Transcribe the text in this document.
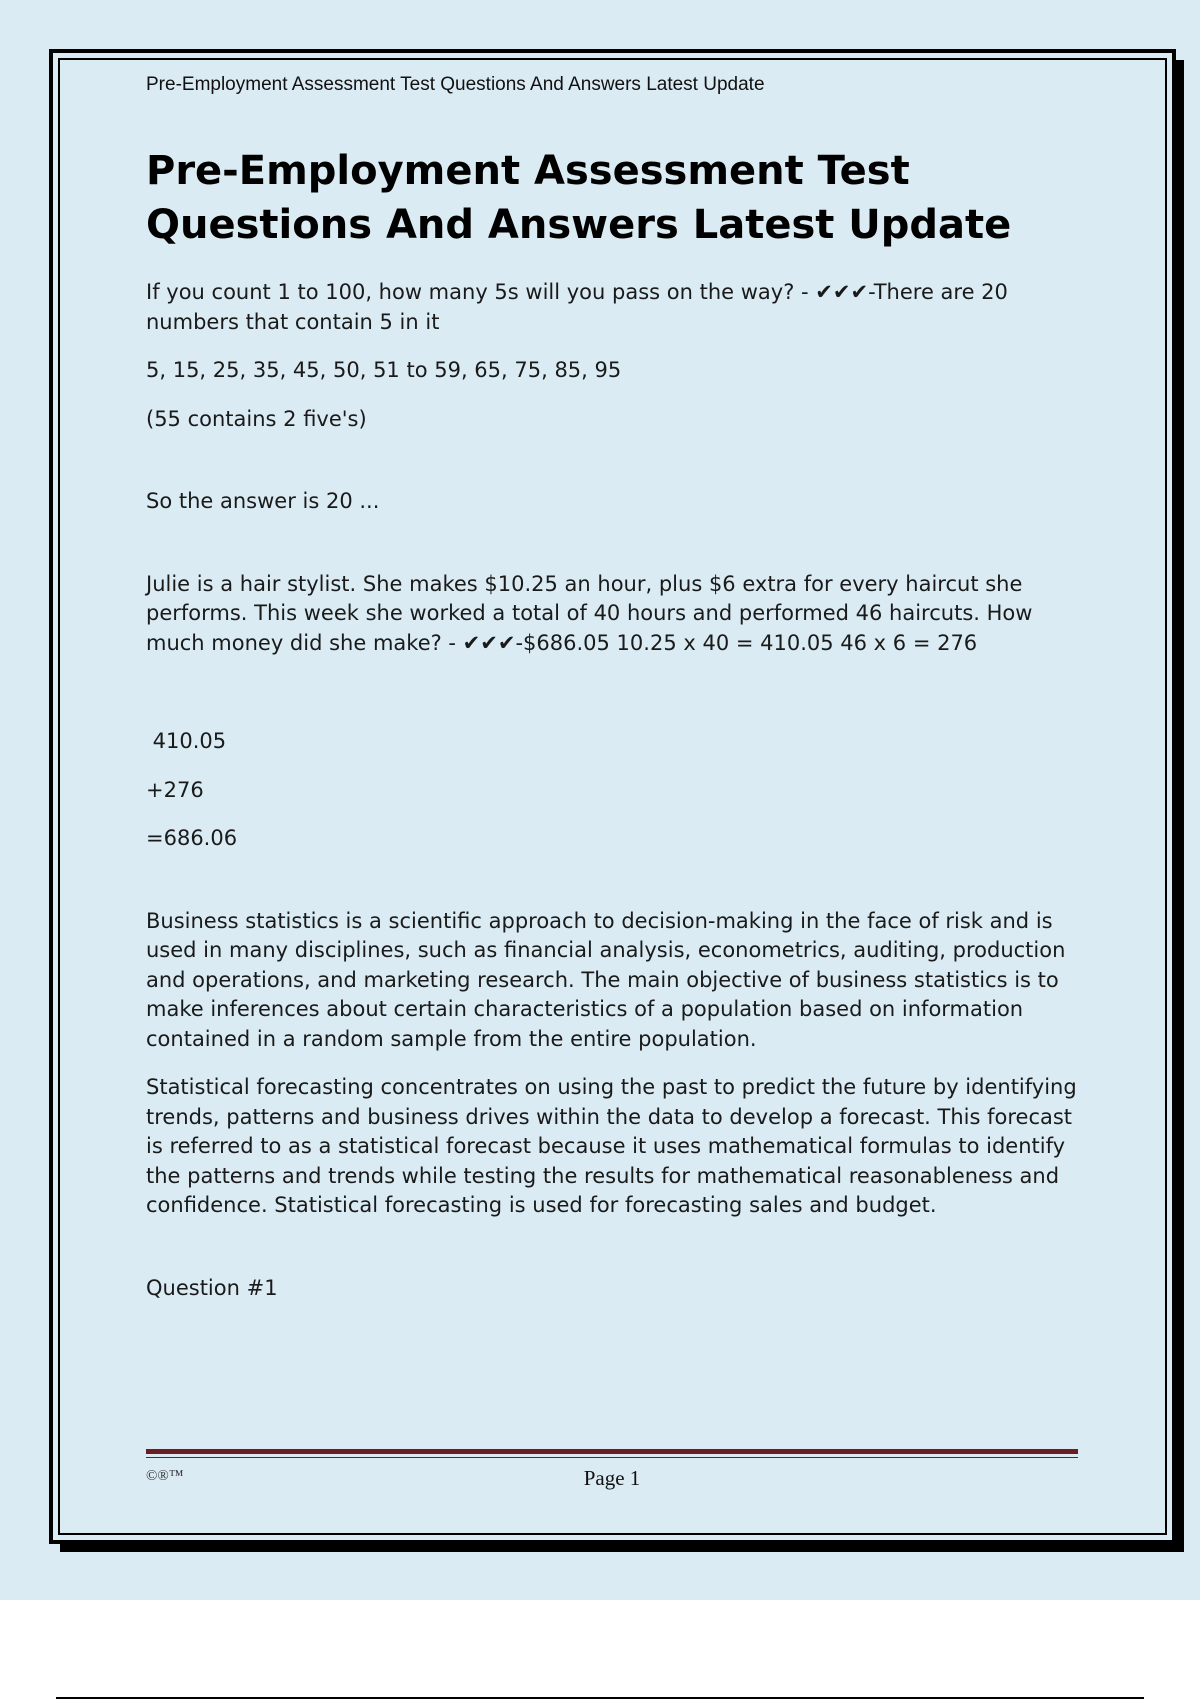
Pre-Employment Assessment Test Questions And Answers Latest Update
Pre-Employment Assessment Test Questions And Answers Latest Update

If you count 1 to 100, how many 5s will you pass on the way? - ✔✔✔-There are 20 numbers that contain 5 in it

5, 15, 25, 35, 45, 50, 51 to 59, 65, 75, 85, 95

(55 contains 2 five's)

So the answer is 20 ...

Julie is a hair stylist. She makes $10.25 an hour, plus $6 extra for every haircut she performs. This week she worked a total of 40 hours and performed 46 haircuts. How much money did she make? - ✔✔✔-$686.05 10.25 x 40 = 410.05 46 x 6 = 276

410.05

+276

=686.06

Business statistics is a scientific approach to decision-making in the face of risk and is used in many disciplines, such as financial analysis, econometrics, auditing, production and operations, and marketing research. The main objective of business statistics is to make inferences about certain characteristics of a population based on information contained in a random sample from the entire population.

Statistical forecasting concentrates on using the past to predict the future by identifying trends, patterns and business drives within the data to develop a forecast. This forecast is referred to as a statistical forecast because it uses mathematical formulas to identify the patterns and trends while testing the results for mathematical reasonableness and confidence. Statistical forecasting is used for forecasting sales and budget.

Question #1

©®™	Page 1
